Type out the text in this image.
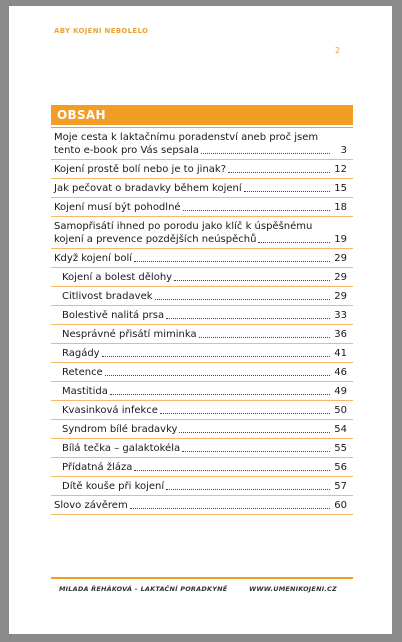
ABY KOJENÍ NEBOLELO
2
OBSAH
Moje cesta k laktačnímu poradenství aneb proč jsem
tento e-book pro Vás sepsala	3
Kojení prostě bolí nebo je to jinak?	12
Jak pečovat o bradavky během kojení	15
Kojení musí být pohodlné	18
Samopřisátí ihned po porodu jako klíč k úspěšnému
kojení a prevence pozdějších neúspěchů	19
Když kojení bolí	29
Kojení a bolest dělohy	29
Citlivost bradavek	29
Bolestivě nalitá prsa	33
Nesprávné přisátí miminka	36
Ragády	41
Retence	46
Mastitida	49
Kvasinková infekce	50
Syndrom bílé bradavky	54
Bílá tečka – galaktokéla	55
Přídatná žláza	56
Dítě kouše při kojení	57
Slovo závěrem	60
MILADA ŘEHÁKOVÁ – LAKTAČNÍ PORADKYNĚ	WWW.UMENIKOJENI.CZ
